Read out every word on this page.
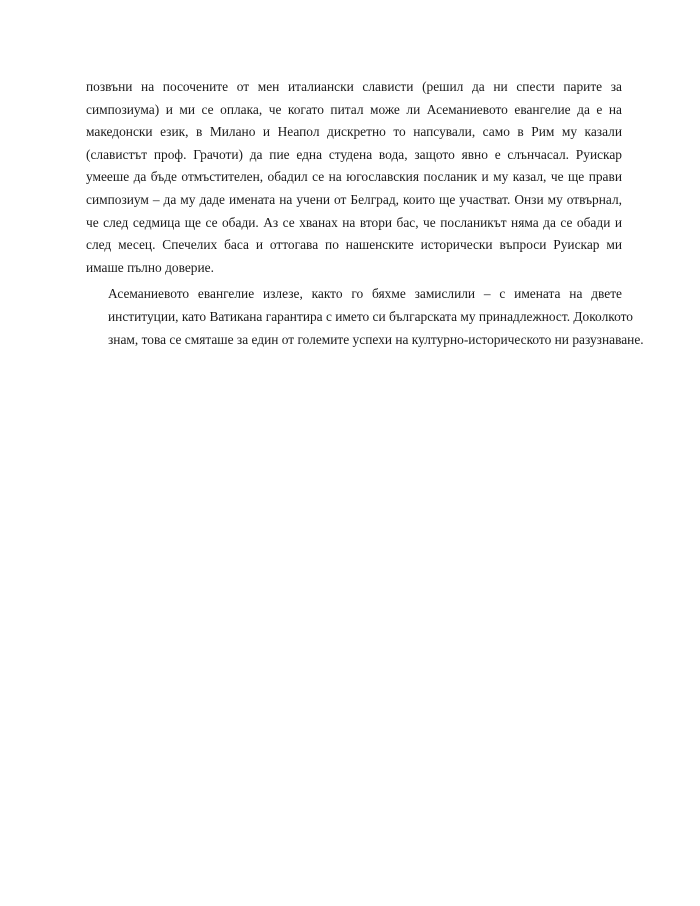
позвъни на посочените от мен италиански слависти (решил да ни спести парите за
симпозиума) и ми се оплака, че когато питал може ли Асеманиевото евангелие да е на
македонски език, в Милано и Неапол дискретно то напсували, само в Рим му казали
(славистът проф. Грачоти) да пие една студена вода, защото явно е слънчасал. Руискар
умееше да бъде отмъстителен, обадил се на югославския посланик и му казал, че ще прави
симпозиум – да му даде имената на учени от Белград, които ще участват. Онзи му отвърнал,
че след седмица ще се обади. Аз се хванах на втори бас, че посланикът няма да се обади и
след месец. Спечелих баса и оттогава по нашенските исторически въпроси Руискар ми
имаше пълно доверие.

Асеманиевото евангелие излезе, както го бяхме замислили – с имената на двете
институции, като Ватикана гарантира с името си българската му принадлежност. Доколкото
знам, това се смяташе за един от големите успехи на културно-историческото ни разузнаване.
